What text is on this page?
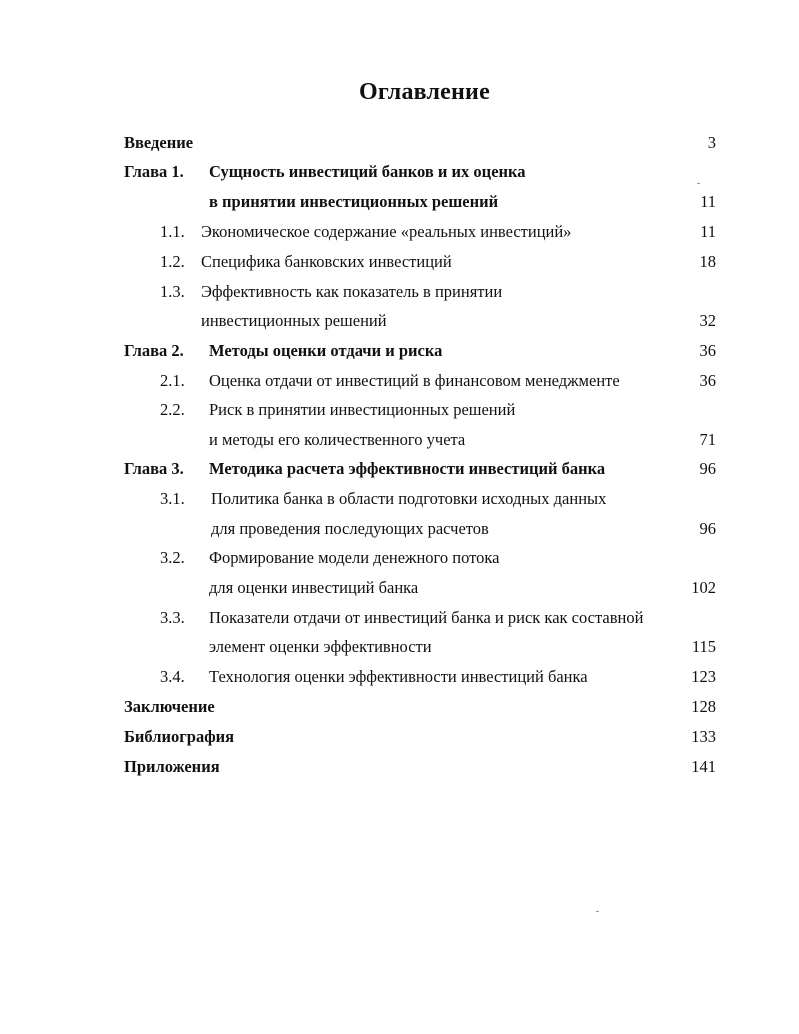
Оглавление
Введение	3
Глава 1. Сущность инвестиций банков и их оценка
в принятии инвестиционных решений	11
1.1. Экономическое содержание «реальных инвестиций»	11
1.2. Специфика банковских инвестиций	18
1.3. Эффективность как показатель в принятии
инвестиционных решений	32
Глава 2. Методы оценки отдачи и риска	36
2.1. Оценка отдачи от инвестиций в финансовом менеджменте	36
2.2. Риск в принятии инвестиционных решений
и методы его количественного учета	71
Глава 3. Методика расчета эффективности инвестиций банка	96
3.1. Политика банка в области подготовки исходных данных
для проведения последующих расчетов	96
3.2. Формирование модели денежного потока
для оценки инвестиций банка	102
3.3. Показатели отдачи от инвестиций банка и риск как составной
элемент оценки эффективности	115
3.4. Технология оценки эффективности инвестиций банка	123
Заключение	128
Библиография	133
Приложения	141
